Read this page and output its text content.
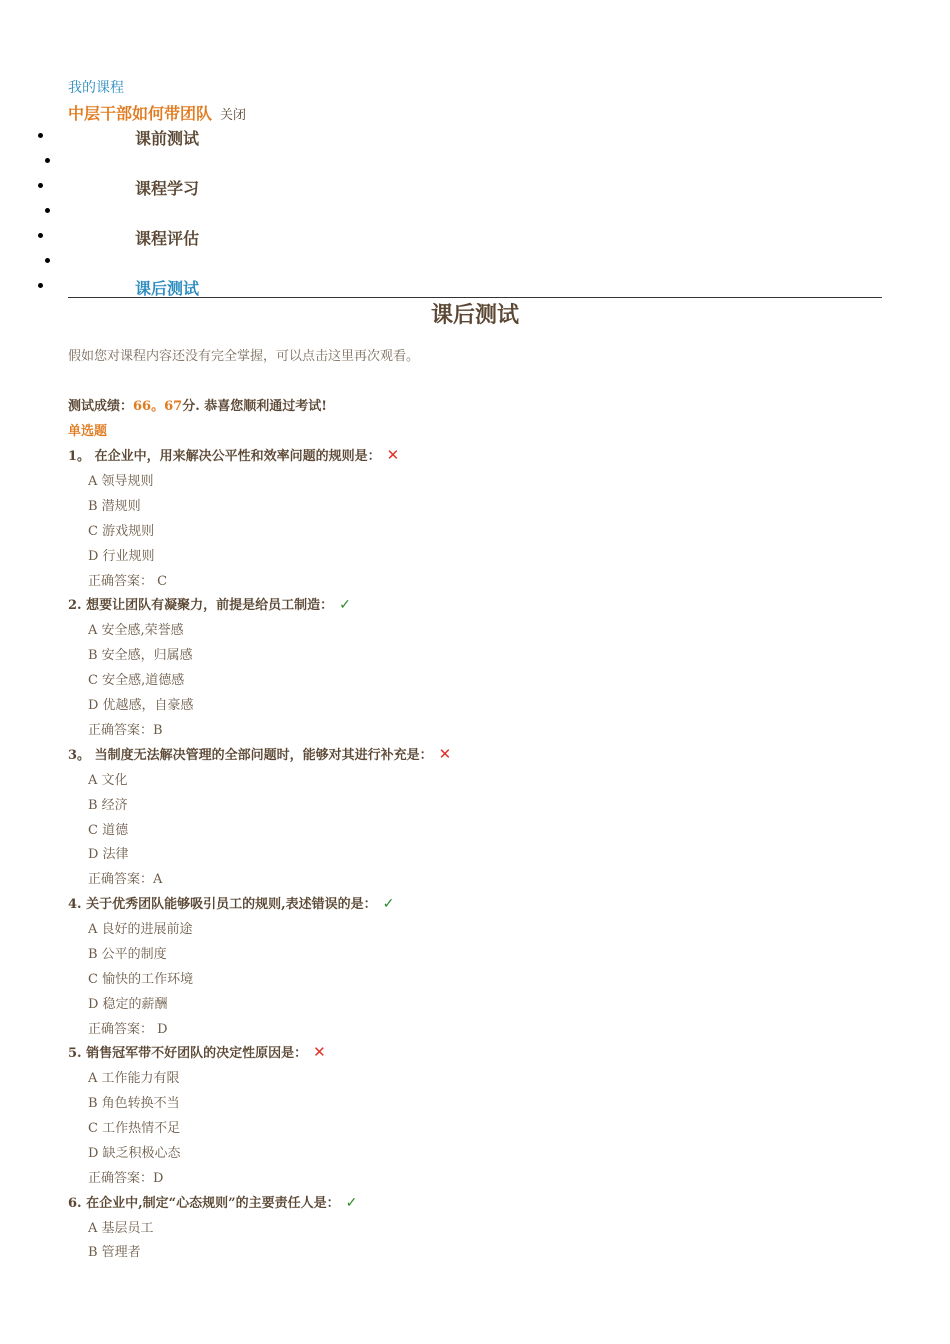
我的课程
中层干部如何带团队 关闭
课前测试
课程学习
课程评估
课后测试
课后测试
假如您对课程内容还没有完全掌握，可以点击这里再次观看。
测试成绩：66。67分. 恭喜您顺利通过考试!
单选题
1。 在企业中，用来解决公平性和效率问题的规则是： ✕
A 领导规则
B 潜规则
C 游戏规则
D 行业规则
正确答案： C
2. 想要让团队有凝聚力，前提是给员工制造： ✓
A 安全感,荣誉感
B 安全感，归属感
C 安全感,道德感
D 优越感，自豪感
正确答案：B
3。 当制度无法解决管理的全部问题时，能够对其进行补充是： ✕
A 文化
B 经济
C 道德
D 法律
正确答案：A
4. 关于优秀团队能够吸引员工的规则,表述错误的是： ✓
A 良好的进展前途
B 公平的制度
C 愉快的工作环境
D 稳定的薪酬
正确答案： D
5. 销售冠军带不好团队的决定性原因是： ✕
A 工作能力有限
B 角色转换不当
C 工作热情不足
D 缺乏积极心态
正确答案：D
6. 在企业中,制定“心态规则”的主要责任人是： ✓
A 基层员工
B 管理者
